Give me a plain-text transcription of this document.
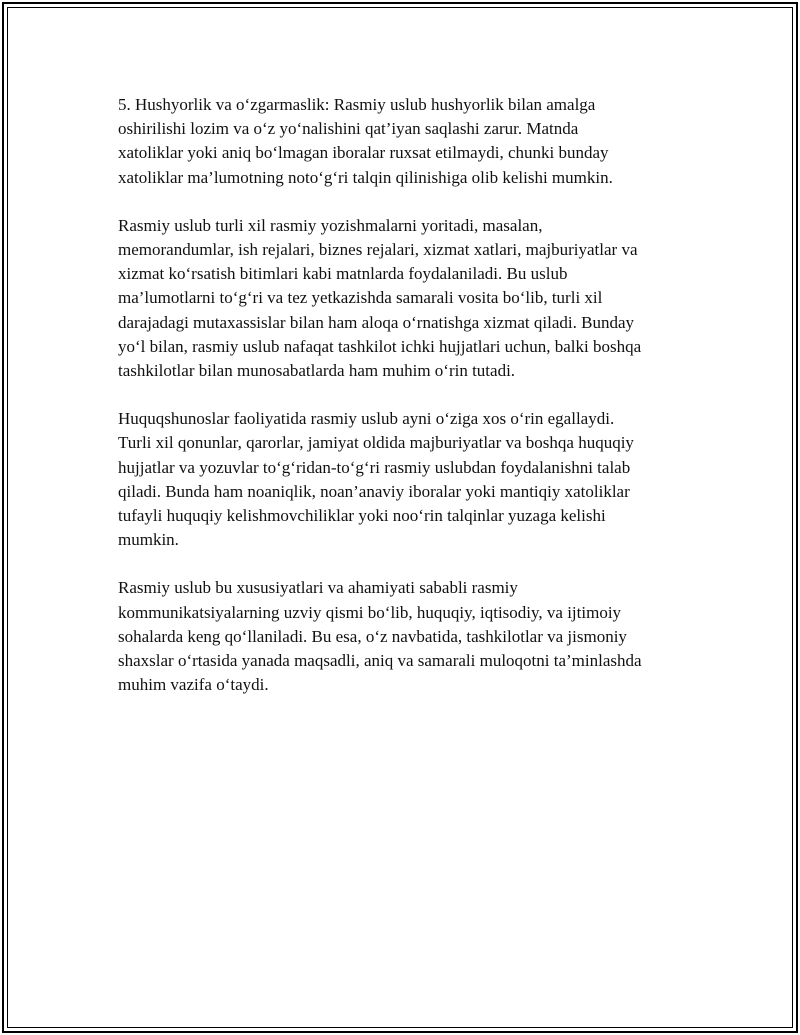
5. Hushyorlik va o‘zgarmaslik: Rasmiy uslub hushyorlik bilan amalga
oshirilishi lozim va o‘z yo‘nalishini qat’iyan saqlashi zarur. Matnda
xatoliklar yoki aniq bo‘lmagan iboralar ruxsat etilmaydi, chunki bunday
xatoliklar ma’lumotning noto‘g‘ri talqin qilinishiga olib kelishi mumkin.

Rasmiy uslub turli xil rasmiy yozishmalarni yoritadi, masalan,
memorandumlar, ish rejalari, biznes rejalari, xizmat xatlari, majburiyatlar va
xizmat ko‘rsatish bitimlari kabi matnlarda foydalaniladi. Bu uslub
ma’lumotlarni to‘g‘ri va tez yetkazishda samarali vosita bo‘lib, turli xil
darajadagi mutaxassislar bilan ham aloqa o‘rnatishga xizmat qiladi. Bunday
yo‘l bilan, rasmiy uslub nafaqat tashkilot ichki hujjatlari uchun, balki boshqa
tashkilotlar bilan munosabatlarda ham muhim o‘rin tutadi.

Huquqshunoslar faoliyatida rasmiy uslub ayni o‘ziga xos o‘rin egallaydi.
Turli xil qonunlar, qarorlar, jamiyat oldida majburiyatlar va boshqa huquqiy
hujjatlar va yozuvlar to‘g‘ridan-to‘g‘ri rasmiy uslubdan foydalanishni talab
qiladi. Bunda ham noaniqlik, noan’anaviy iboralar yoki mantiqiy xatoliklar
tufayli huquqiy kelishmovchiliklar yoki noo‘rin talqinlar yuzaga kelishi
mumkin.

Rasmiy uslub bu xususiyatlari va ahamiyati sababli rasmiy
kommunikatsiyalarning uzviy qismi bo‘lib, huquqiy, iqtisodiy, va ijtimoiy
sohalarda keng qo‘llaniladi. Bu esa, o‘z navbatida, tashkilotlar va jismoniy
shaxslar o‘rtasida yanada maqsadli, aniq va samarali muloqotni ta’minlashda
muhim vazifa o‘taydi.
